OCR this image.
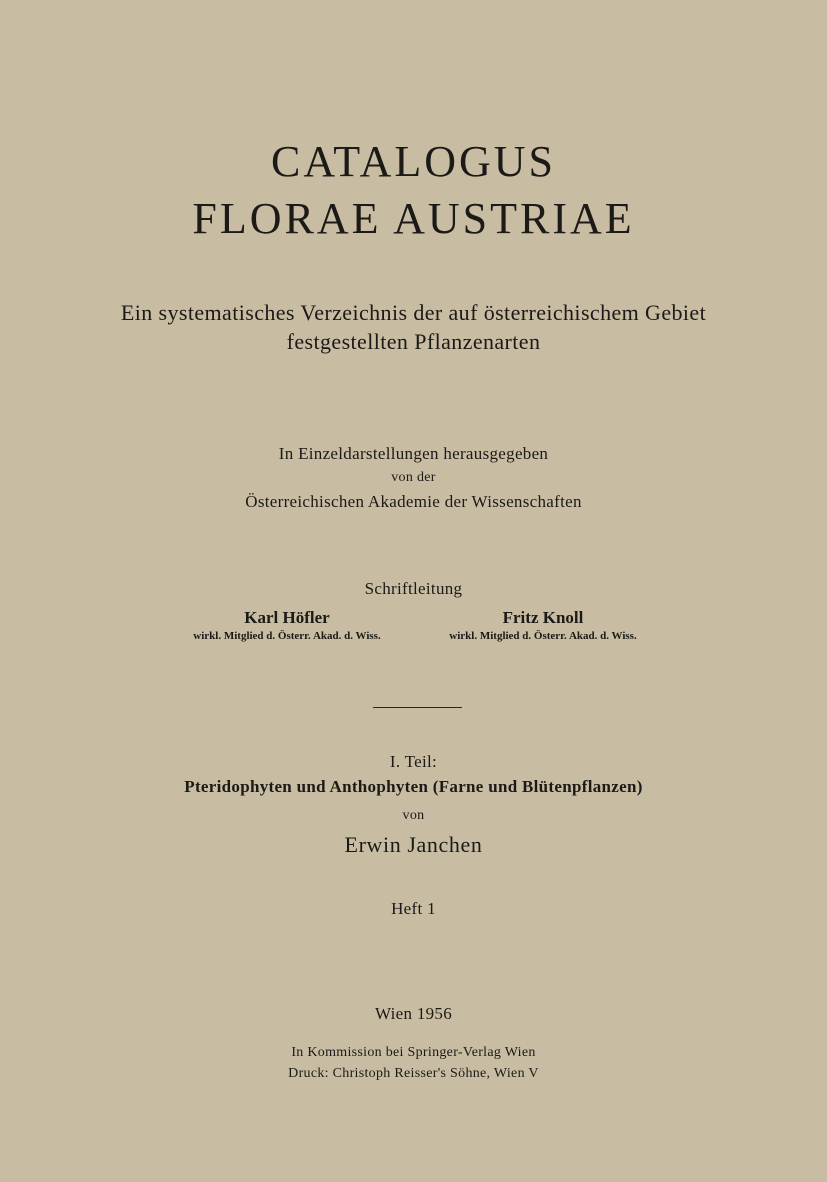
CATALOGUS
FLORAE AUSTRIAE
Ein systematisches Verzeichnis der auf österreichischem Gebiet
festgestellten Pflanzenarten
In Einzeldarstellungen herausgegeben
von der
Österreichischen Akademie der Wissenschaften
Schriftleitung
Karl Höfler
wirkl. Mitglied d. Österr. Akad. d. Wiss.
Fritz Knoll
wirkl. Mitglied d. Österr. Akad. d. Wiss.
I. Teil:
Pteridophyten und Anthophyten (Farne und Blütenpflanzen)
von
Erwin Janchen
Heft 1
Wien 1956
In Kommission bei Springer-Verlag Wien
Druck: Christoph Reisser's Söhne, Wien V
